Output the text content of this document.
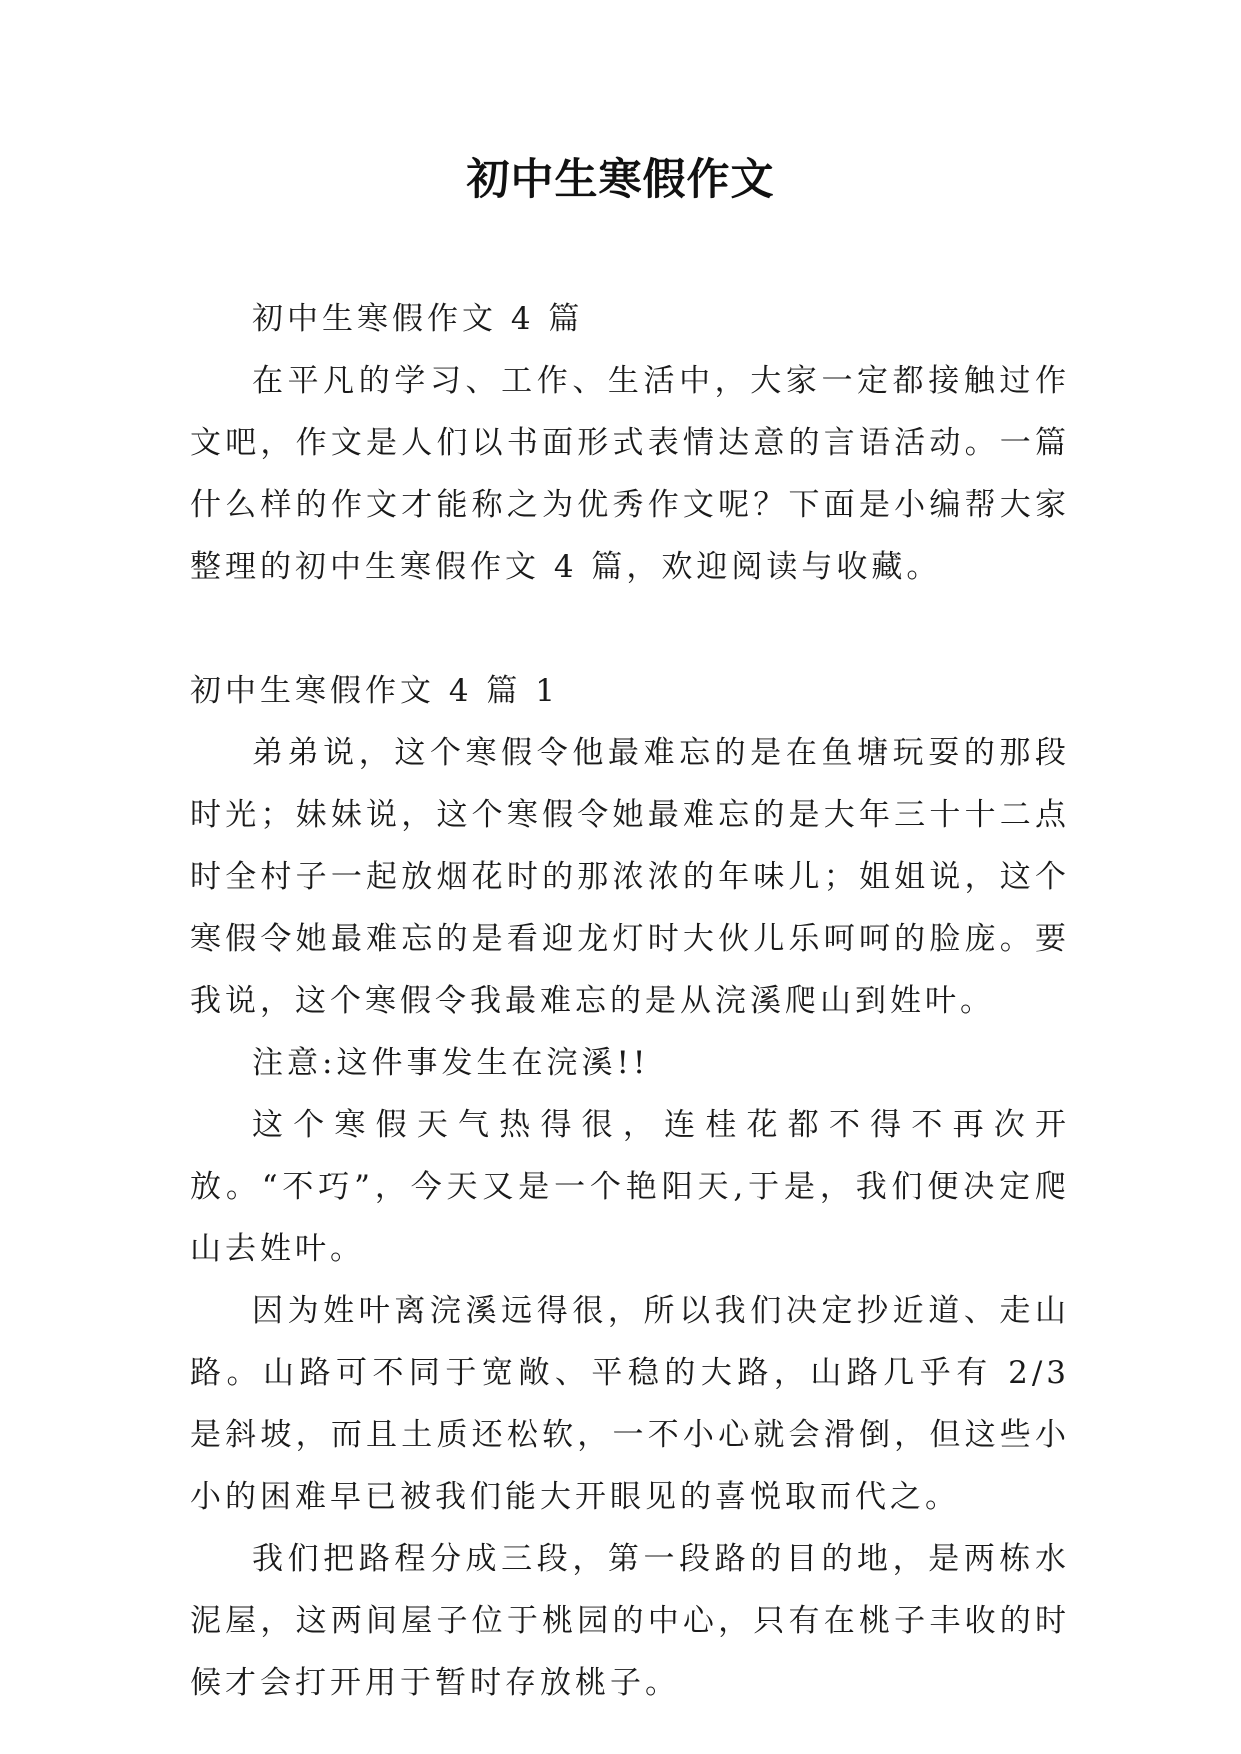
初中生寒假作文

初中生寒假作文 4 篇

在平凡的学习、工作、生活中，大家一定都接触过作文吧，作文是人们以书面形式表情达意的言语活动。一篇什么样的作文才能称之为优秀作文呢？下面是小编帮大家整理的初中生寒假作文 4 篇，欢迎阅读与收藏。

初中生寒假作文 4 篇 1

弟弟说，这个寒假令他最难忘的是在鱼塘玩耍的那段时光；妹妹说，这个寒假令她最难忘的是大年三十十二点时全村子一起放烟花时的那浓浓的年味儿；姐姐说，这个寒假令她最难忘的是看迎龙灯时大伙儿乐呵呵的脸庞。要我说，这个寒假令我最难忘的是从浣溪爬山到姓叶。

注意:这件事发生在浣溪!!

这个寒假天气热得很，连桂花都不得不再次开放。“不巧”，今天又是一个艳阳天,于是，我们便决定爬山去姓叶。

因为姓叶离浣溪远得很，所以我们决定抄近道、走山路。山路可不同于宽敞、平稳的大路，山路几乎有 2/3 是斜坡，而且土质还松软，一不小心就会滑倒，但这些小小的困难早已被我们能大开眼见的喜悦取而代之。

我们把路程分成三段，第一段路的目的地，是两栋水泥屋，这两间屋子位于桃园的中心，只有在桃子丰收的时候才会打开用于暂时存放桃子。
